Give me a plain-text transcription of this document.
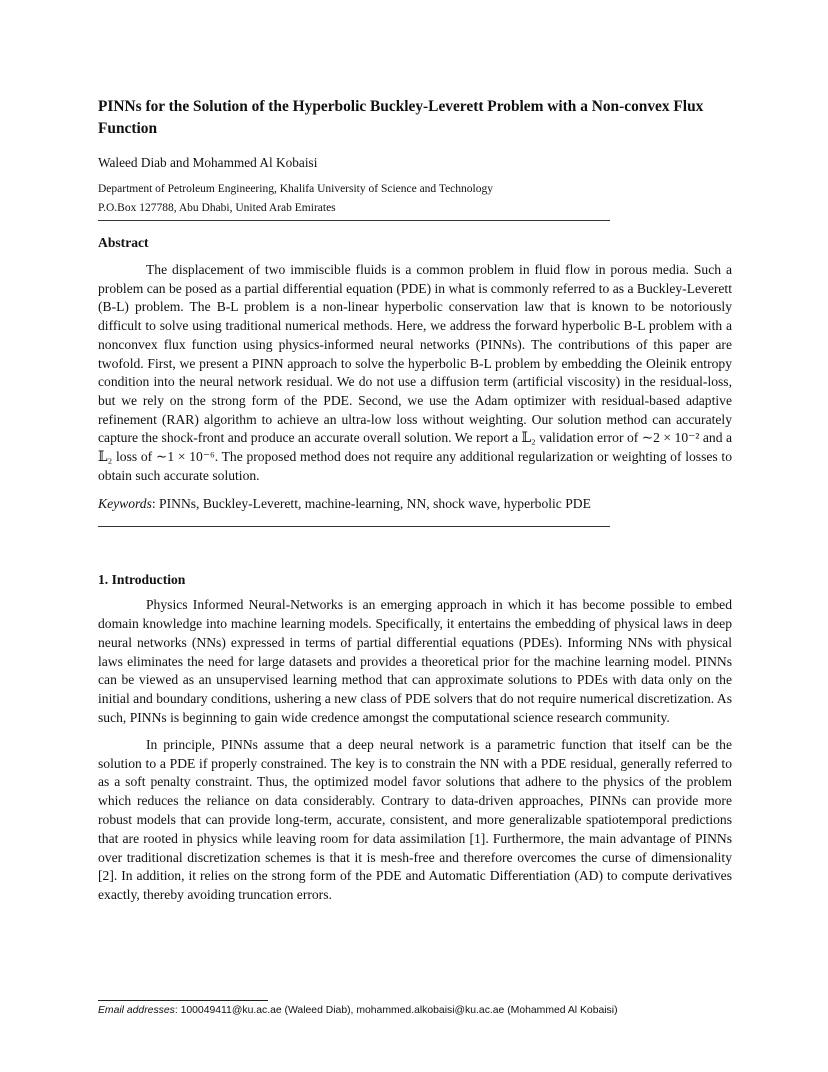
PINNs for the Solution of the Hyperbolic Buckley-Leverett Problem with a Non-convex Flux Function
Waleed Diab and Mohammed Al Kobaisi
Department of Petroleum Engineering, Khalifa University of Science and Technology
P.O.Box 127788, Abu Dhabi, United Arab Emirates
Abstract

The displacement of two immiscible fluids is a common problem in fluid flow in porous media. Such a problem can be posed as a partial differential equation (PDE) in what is commonly referred to as a Buckley-Leverett (B-L) problem. The B-L problem is a non-linear hyperbolic conservation law that is known to be notoriously difficult to solve using traditional numerical methods. Here, we address the forward hyperbolic B-L problem with a nonconvex flux function using physics-informed neural networks (PINNs). The contributions of this paper are twofold. First, we present a PINN approach to solve the hyperbolic B-L problem by embedding the Oleinik entropy condition into the neural network residual. We do not use a diffusion term (artificial viscosity) in the residual-loss, but we rely on the strong form of the PDE. Second, we use the Adam optimizer with residual-based adaptive refinement (RAR) algorithm to achieve an ultra-low loss without weighting. Our solution method can accurately capture the shock-front and produce an accurate overall solution. We report a 𝕃₂ validation error of ∼2 × 10⁻² and a 𝕃₂ loss of ∼1 × 10⁻⁶. The proposed method does not require any additional regularization or weighting of losses to obtain such accurate solution.

Keywords: PINNs, Buckley-Leverett, machine-learning, NN, shock wave, hyperbolic PDE

1. Introduction

Physics Informed Neural-Networks is an emerging approach in which it has become possible to embed domain knowledge into machine learning models. Specifically, it entertains the embedding of physical laws in deep neural networks (NNs) expressed in terms of partial differential equations (PDEs). Informing NNs with physical laws eliminates the need for large datasets and provides a theoretical prior for the machine learning model. PINNs can be viewed as an unsupervised learning method that can approximate solutions to PDEs with data only on the initial and boundary conditions, ushering a new class of PDE solvers that do not require numerical discretization. As such, PINNs is beginning to gain wide credence amongst the computational science research community.

In principle, PINNs assume that a deep neural network is a parametric function that itself can be the solution to a PDE if properly constrained. The key is to constrain the NN with a PDE residual, generally referred to as a soft penalty constraint. Thus, the optimized model favor solutions that adhere to the physics of the problem which reduces the reliance on data considerably. Contrary to data-driven approaches, PINNs can provide more robust models that can provide long-term, accurate, consistent, and more generalizable spatiotemporal predictions that are rooted in physics while leaving room for data assimilation [1]. Furthermore, the main advantage of PINNs over traditional discretization schemes is that it is mesh-free and therefore overcomes the curse of dimensionality [2]. In addition, it relies on the strong form of the PDE and Automatic Differentiation (AD) to compute derivatives exactly, thereby avoiding truncation errors.

Email addresses: 100049411@ku.ac.ae (Waleed Diab), mohammed.alkobaisi@ku.ac.ae (Mohammed Al Kobaisi)
